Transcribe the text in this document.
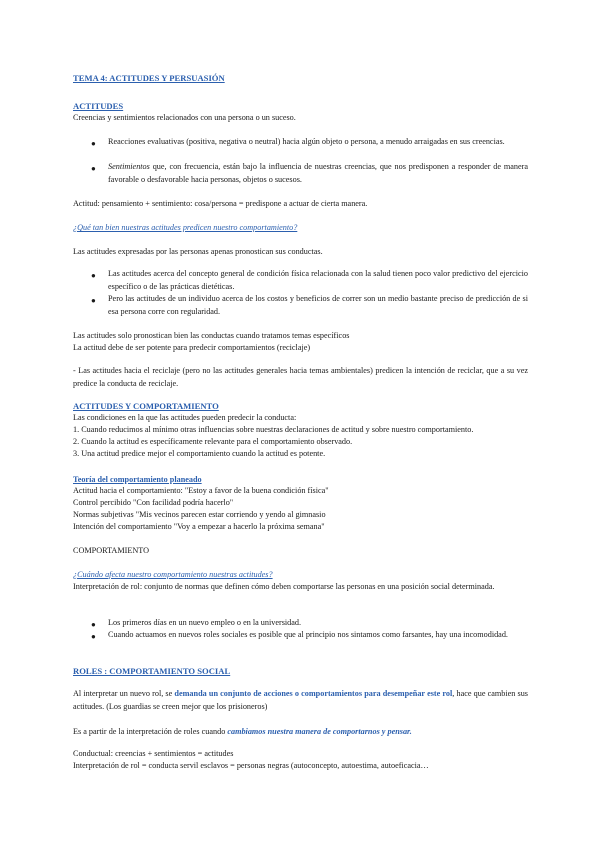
TEMA 4: ACTITUDES Y PERSUASIÓN
ACTITUDES
Creencias y sentimientos relacionados con una persona o un suceso.
● Reacciones evaluativas (positiva, negativa o neutral) hacia algún objeto o persona, a menudo arraigadas en sus creencias.
● Sentimientos que, con frecuencia, están bajo la influencia de nuestras creencias, que nos predisponen a responder de manera favorable o desfavorable hacia personas, objetos o sucesos.
Actitud: pensamiento + sentimiento: cosa/persona = predispone a actuar de cierta manera.
¿Qué tan bien nuestras actitudes predicen nuestro comportamiento?
Las actitudes expresadas por las personas apenas pronostican sus conductas.
● Las actitudes acerca del concepto general de condición física relacionada con la salud tienen poco valor predictivo del ejercicio específico o de las prácticas dietéticas.
● Pero las actitudes de un individuo acerca de los costos y beneficios de correr son un medio bastante preciso de predicción de si esa persona corre con regularidad.
Las actitudes solo pronostican bien las conductas cuando tratamos temas específicos
La actitud debe de ser potente para predecir comportamientos (reciclaje)
- Las actitudes hacia el reciclaje (pero no las actitudes generales hacia temas ambientales) predicen la intención de reciclar, que a su vez predice la conducta de reciclaje.
ACTITUDES Y COMPORTAMIENTO
Las condiciones en la que las actitudes pueden predecir la conducta:
1. Cuando reducimos al mínimo otras influencias sobre nuestras declaraciones de actitud y sobre nuestro comportamiento.
2. Cuando la actitud es específicamente relevante para el comportamiento observado.
3. Una actitud predice mejor el comportamiento cuando la actitud es potente.
Teoría del comportamiento planeado
Actitud hacia el comportamiento: "Estoy a favor de la buena condición física"
Control percibido "Con facilidad podría hacerlo"
Normas subjetivas "Mis vecinos parecen estar corriendo y yendo al gimnasio
Intención del comportamiento "Voy a empezar a hacerlo la próxima semana"
COMPORTAMIENTO
¿Cuándo afecta nuestro comportamiento nuestras actitudes?
Interpretación de rol: conjunto de normas que definen cómo deben comportarse las personas en una posición social determinada.
● Los primeros días en un nuevo empleo o en la universidad.
● Cuando actuamos en nuevos roles sociales es posible que al principio nos sintamos como farsantes, hay una incomodidad.
ROLES : COMPORTAMIENTO SOCIAL
Al interpretar un nuevo rol, se demanda un conjunto de acciones o comportamientos para desempeñar este rol, hace que cambien sus actitudes. (Los guardias se creen mejor que los prisioneros)
Es a partir de la interpretación de roles cuando cambiamos nuestra manera de comportarnos y pensar.
Conductual: creencias + sentimientos = actitudes
Interpretación de rol = conducta servil esclavos = personas negras (autoconcepto, autoestima, autoeficacia…
